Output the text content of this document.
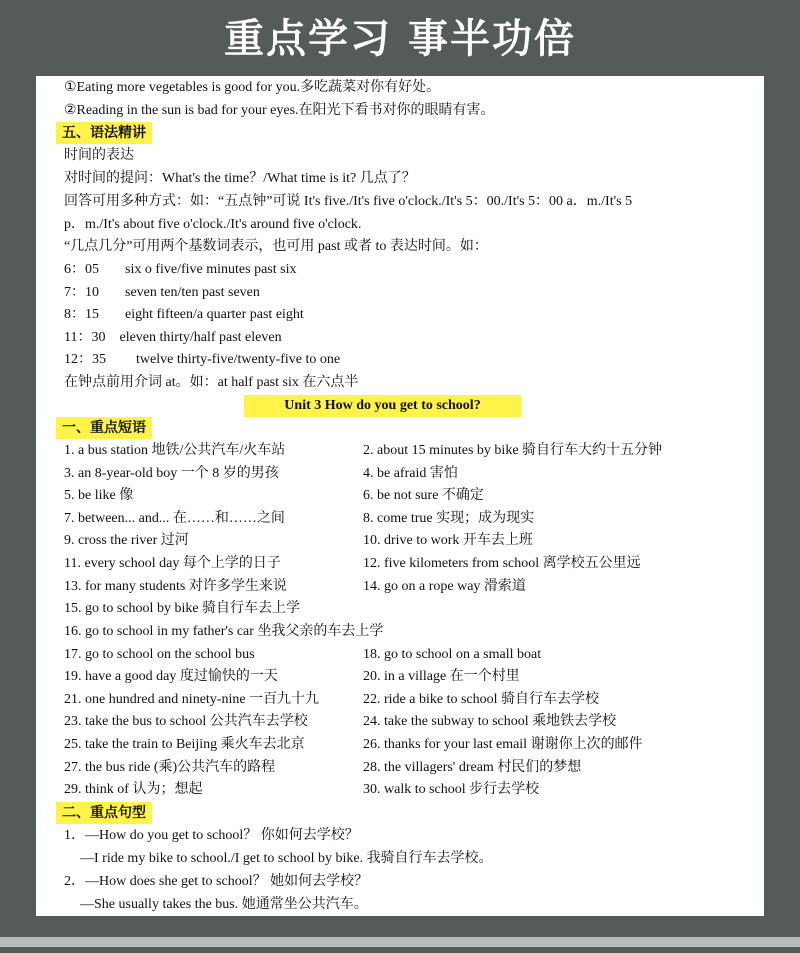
重点学习 事半功倍
①Eating more vegetables is good for you.多吃蔬菜对你有好处。
②Reading in the sun is bad for your eyes.在阳光下看书对你的眼睛有害。
五、语法精讲
时间的表达
对时间的提问：What's the time？/What time is it? 几点了？
回答可用多种方式：如：“五点钟”可说 It's five./It's five o'clock./It's 5：00./It's 5：00 a．m./It's 5
p．m./It's about five o'clock./It's around five o'clock.
“几点几分”可用两个基数词表示，也可用 past 或者 to 表达时间。如：
6：05 six o five/five minutes past six
7：10 seven ten/ten past seven
8：15 eight fifteen/a quarter past eight
11：30 eleven thirty/half past eleven
12：35 twelve thirty-five/twenty-five to one
在钟点前用介词 at。如：at half past six 在六点半
Unit 3 How do you get to school?
一、重点短语
1. a bus station 地铁/公共汽车/火车站	2. about 15 minutes by bike 骑自行车大约十五分钟
3. an 8-year-old boy 一个 8 岁的男孩	4. be afraid 害怕
5. be like 像	6. be not sure 不确定
7. between... and... 在……和……之间	8. come true 实现；成为现实
9. cross the river 过河	10. drive to work 开车去上班
11. every school day 每个上学的日子	12. five kilometers from school 离学校五公里远
13. for many students 对许多学生来说	14. go on a rope way 滑索道
15. go to school by bike 骑自行车去上学
16. go to school in my father's car 坐我父亲的车去上学
17. go to school on the school bus	18. go to school on a small boat
19. have a good day 度过愉快的一天	20. in a village 在一个村里
21. one hundred and ninety-nine 一百九十九	22. ride a bike to school 骑自行车去学校
23. take the bus to school 公共汽车去学校	24. take the subway to school 乘地铁去学校
25. take the train to Beijing 乘火车去北京	26. thanks for your last email 谢谢你上次的邮件
27. the bus ride (乘)公共汽车的路程	28. the villagers' dream 村民们的梦想
29. think of 认为；想起	30. walk to school 步行去学校
二、重点句型
1．—How do you get to school？ 你如何去学校？
—I ride my bike to school./I get to school by bike. 我骑自行车去学校。
2．—How does she get to school？ 她如何去学校？
—She usually takes the bus. 她通常坐公共汽车。
